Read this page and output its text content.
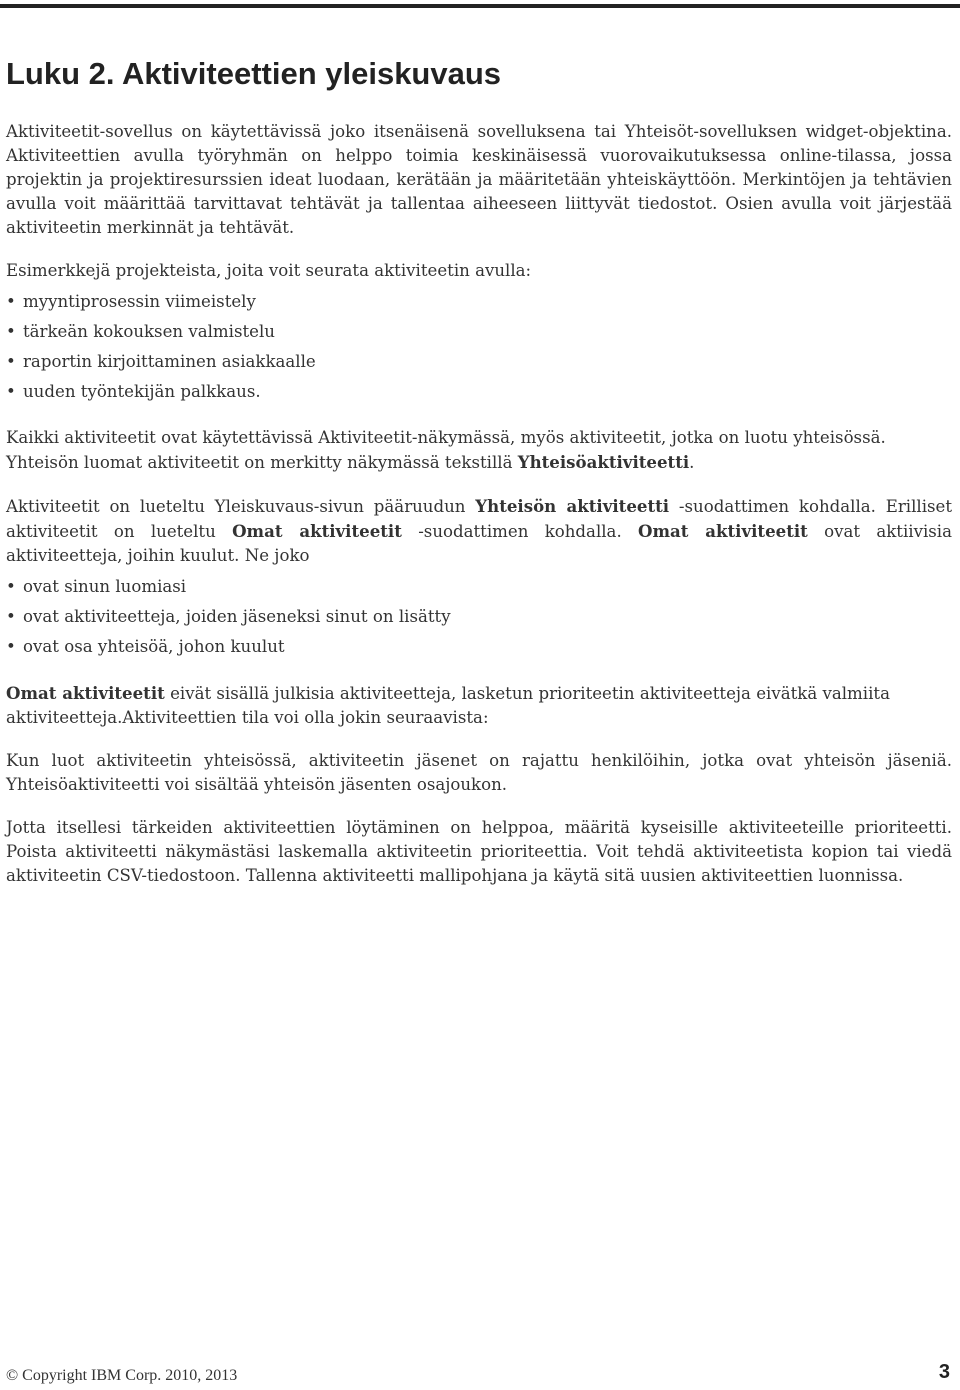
Luku 2. Aktiviteettien yleiskuvaus

Aktiviteetit-sovellus on käytettävissä joko itsenäisenä sovelluksena tai Yhteisöt-sovelluksen widget-objektina. Aktiviteettien avulla työryhmän on helppo toimia keskinäisessä vuorovaikutuksessa online-tilassa, jossa projektin ja projektiresurssien ideat luodaan, kerätään ja määritetään yhteiskäyttöön. Merkintöjen ja tehtävien avulla voit määrittää tarvittavat tehtävät ja tallentaa aiheeseen liittyvät tiedostot. Osien avulla voit järjestää aktiviteetin merkinnät ja tehtävät.

Esimerkkejä projekteista, joita voit seurata aktiviteetin avulla:

• myyntiprosessin viimeistely
• tärkeän kokouksen valmistelu
• raportin kirjoittaminen asiakkaalle
• uuden työntekijän palkkaus.

Kaikki aktiviteetit ovat käytettävissä Aktiviteetit-näkymässä, myös aktiviteetit, jotka on luotu yhteisössä. Yhteisön luomat aktiviteetit on merkitty näkymässä tekstillä Yhteisöaktiviteetti.

Aktiviteetit on lueteltu Yleiskuvaus-sivun pääruudun Yhteisön aktiviteetti -suodattimen kohdalla. Erilliset aktiviteetit on lueteltu Omat aktiviteetit -suodattimen kohdalla. Omat aktiviteetit ovat aktiivisia aktiviteetteja, joihin kuulut. Ne joko

• ovat sinun luomiasi
• ovat aktiviteetteja, joiden jäseneksi sinut on lisätty
• ovat osa yhteisöä, johon kuulut

Omat aktiviteetit eivät sisällä julkisia aktiviteetteja, lasketun prioriteetin aktiviteetteja eivätkä valmiita aktiviteetteja.Aktiviteettien tila voi olla jokin seuraavista:

Kun luot aktiviteetin yhteisössä, aktiviteetin jäsenet on rajattu henkilöihin, jotka ovat yhteisön jäseniä. Yhteisöaktiviteetti voi sisältää yhteisön jäsenten osajoukon.

Jotta itsellesi tärkeiden aktiviteettien löytäminen on helppoa, määritä kyseisille aktiviteeteille prioriteetti. Poista aktiviteetti näkymästäsi laskemalla aktiviteetin prioriteettia. Voit tehdä aktiviteetista kopion tai viedä aktiviteetin CSV-tiedostoon. Tallenna aktiviteetti mallipohjana ja käytä sitä uusien aktiviteettien luonnissa.

© Copyright IBM Corp. 2010, 2013	3
